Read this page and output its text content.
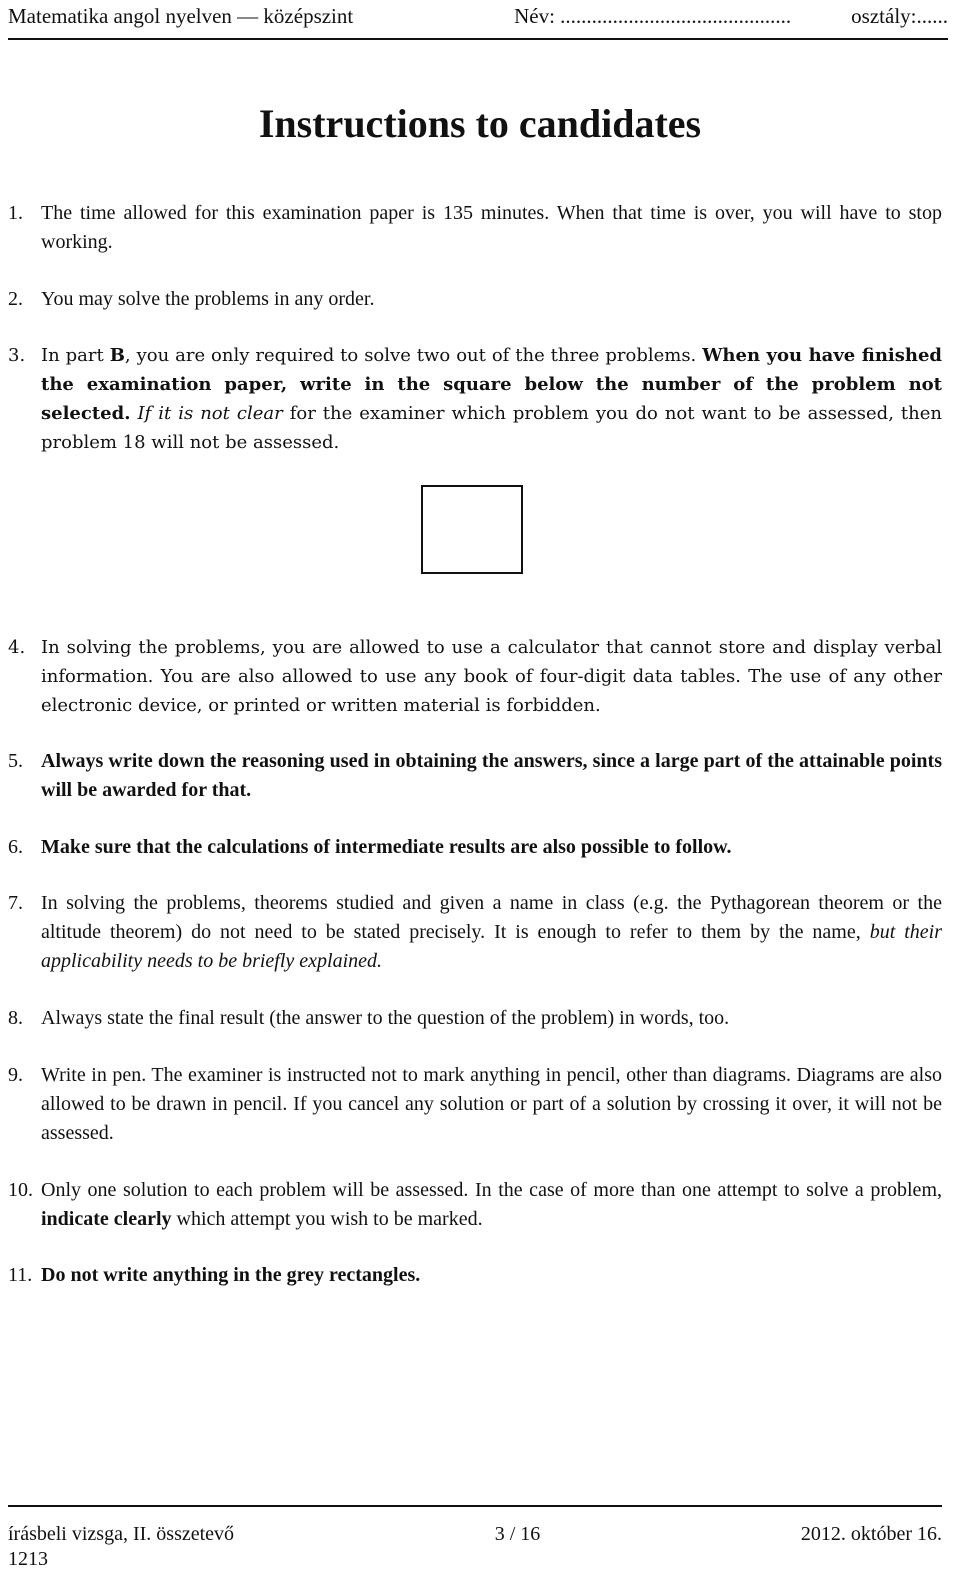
Matematika angol nyelven — középszint	Név: ............................................	osztály:......
Instructions to candidates
1. The time allowed for this examination paper is 135 minutes. When that time is over, you will have to stop working.
2. You may solve the problems in any order.
3. In part B, you are only required to solve two out of the three problems. When you have finished the examination paper, write in the square below the number of the problem not selected. If it is not clear for the examiner which problem you do not want to be assessed, then problem 18 will not be assessed.
4. In solving the problems, you are allowed to use a calculator that cannot store and display verbal information. You are also allowed to use any book of four-digit data tables. The use of any other electronic device, or printed or written material is forbidden.
5. Always write down the reasoning used in obtaining the answers, since a large part of the attainable points will be awarded for that.
6. Make sure that the calculations of intermediate results are also possible to follow.
7. In solving the problems, theorems studied and given a name in class (e.g. the Pythagorean theorem or the altitude theorem) do not need to be stated precisely. It is enough to refer to them by the name, but their applicability needs to be briefly explained.
8. Always state the final result (the answer to the question of the problem) in words, too.
9. Write in pen. The examiner is instructed not to mark anything in pencil, other than diagrams. Diagrams are also allowed to be drawn in pencil. If you cancel any solution or part of a solution by crossing it over, it will not be assessed.
10. Only one solution to each problem will be assessed. In the case of more than one attempt to solve a problem, indicate clearly which attempt you wish to be marked.
11. Do not write anything in the grey rectangles.
írásbeli vizsga, II. összetevő	3 / 16	2012. október 16.
1213
